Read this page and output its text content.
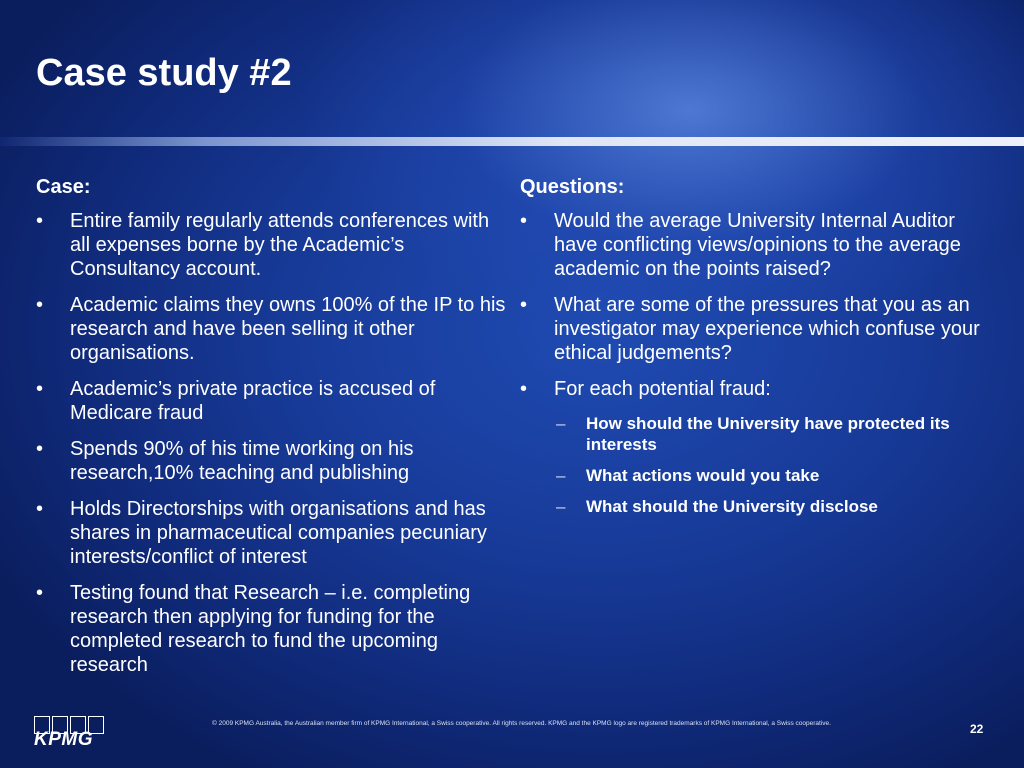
Case study #2
Case:
• Entire family regularly attends conferences with all expenses borne by the Academic’s Consultancy account.
• Academic claims they owns 100% of the IP to his research and have been selling it other organisations.
• Academic’s private practice is accused of Medicare fraud
• Spends 90% of his time working on his research,10% teaching and publishing
• Holds Directorships with organisations and has shares in pharmaceutical companies pecuniary interests/conflict of interest
• Testing found that Research – i.e. completing research then applying for funding for the completed research to fund the upcoming research
Questions:
• Would the average University Internal Auditor have conflicting views/opinions to the average academic on the points raised?
• What are some of the pressures that you as an investigator may experience which confuse your ethical judgements?
• For each potential fraud:
– How should the University have protected its interests
– What actions would you take
– What should the University disclose
KPMG
© 2009 KPMG Australia, the Australian member firm of KPMG International, a Swiss cooperative. All rights reserved. KPMG and the KPMG logo are registered trademarks of KPMG International, a Swiss cooperative.	22
